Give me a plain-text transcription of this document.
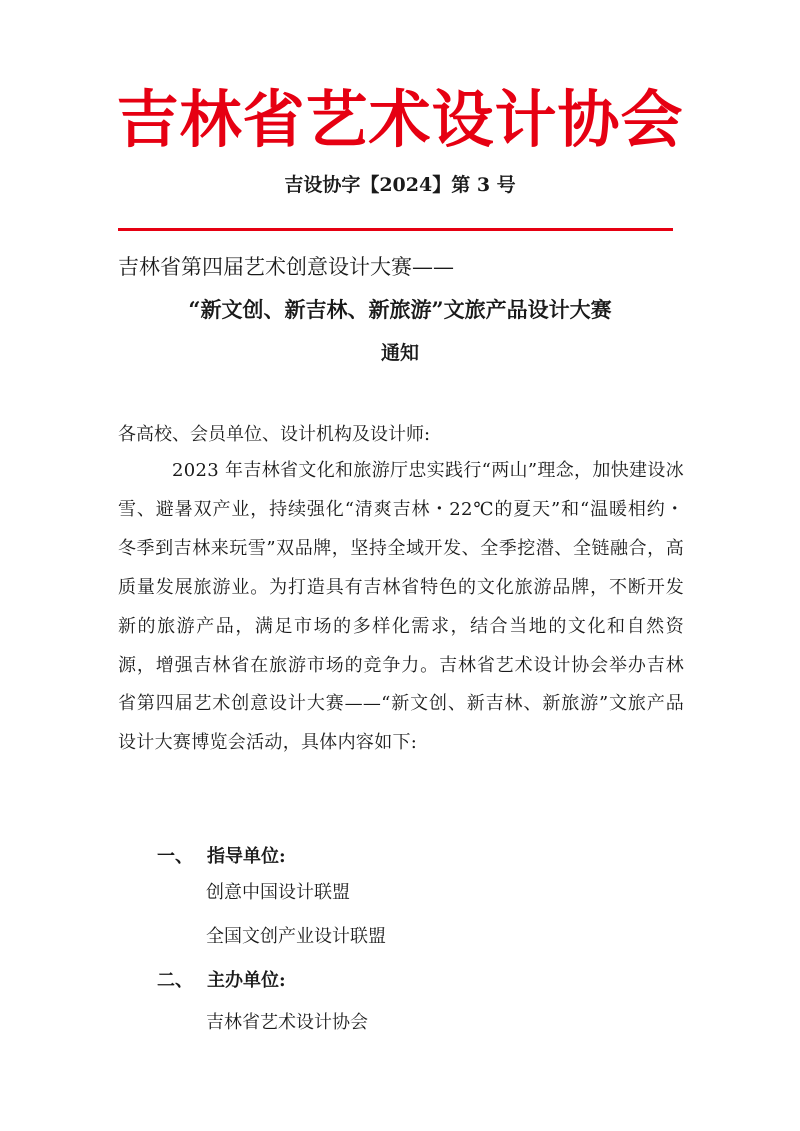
吉林省艺术设计协会
吉设协字【2024】第 3 号
吉林省第四届艺术创意设计大赛——
“新文创、新吉林、新旅游”文旅产品设计大赛
通知
各高校、会员单位、设计机构及设计师:
2023 年吉林省文化和旅游厅忠实践行“两山”理念，加快建设冰雪、避暑双产业，持续强化“清爽吉林・22℃的夏天”和“温暖相约・冬季到吉林来玩雪”双品牌，坚持全域开发、全季挖潜、全链融合，高质量发展旅游业。为打造具有吉林省特色的文化旅游品牌，不断开发新的旅游产品，满足市场的多样化需求，结合当地的文化和自然资源，增强吉林省在旅游市场的竞争力。吉林省艺术设计协会举办吉林省第四届艺术创意设计大赛——“新文创、新吉林、新旅游”文旅产品设计大赛博览会活动，具体内容如下:
一、 指导单位:
创意中国设计联盟
全国文创产业设计联盟
二、 主办单位:
吉林省艺术设计协会
